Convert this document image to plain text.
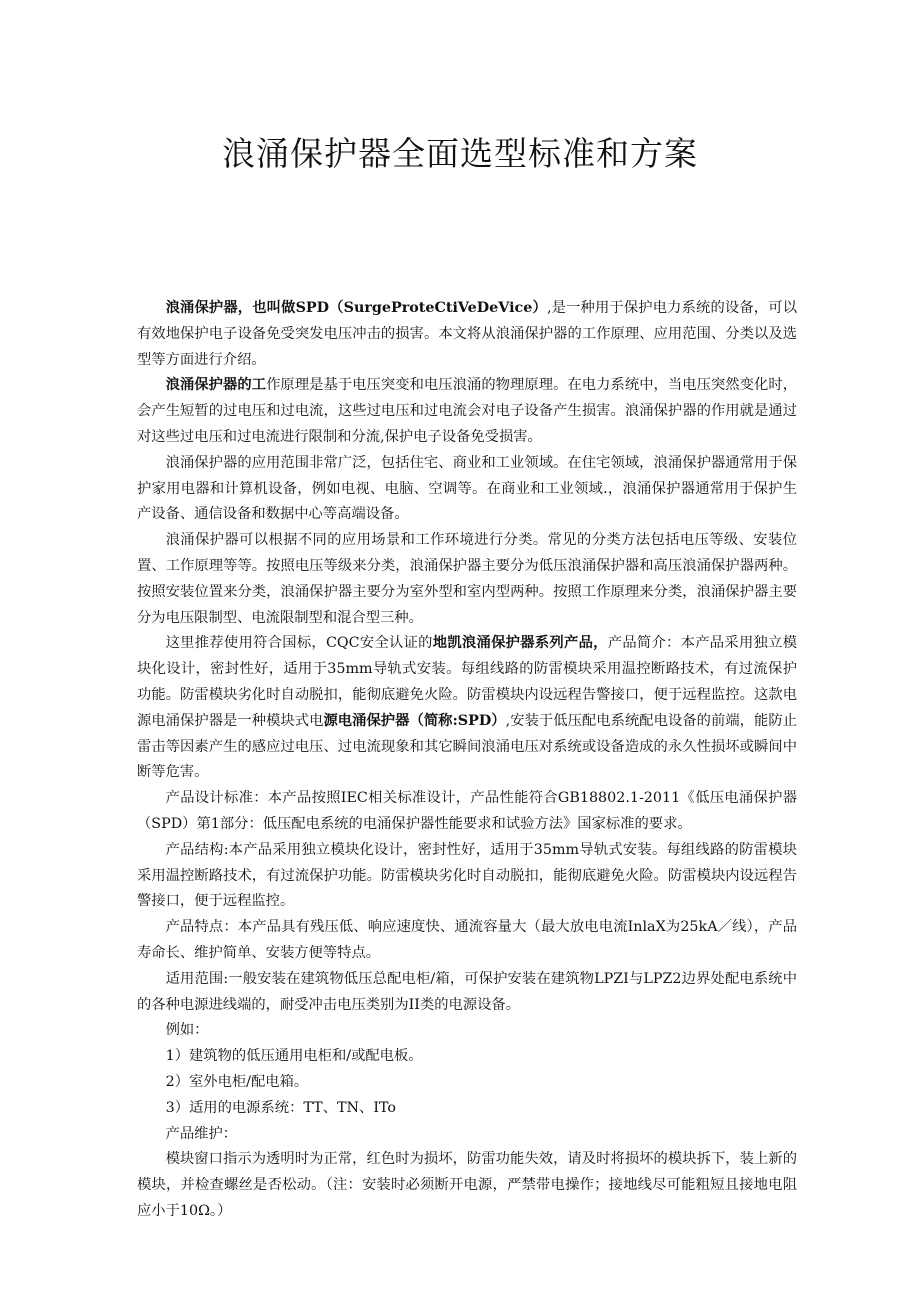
浪涌保护器全面选型标准和方案

浪涌保护器，也叫做SPD（SurgeProteCtiVeDeVice）,是一种用于保护电力系统的设备，可以有效地保护电子设备免受突发电压冲击的损害。本文将从浪涌保护器的工作原理、应用范围、分类以及选型等方面进行介绍。

浪涌保护器的工作原理是基于电压突变和电压浪涌的物理原理。在电力系统中，当电压突然变化时，会产生短暂的过电压和过电流，这些过电压和过电流会对电子设备产生损害。浪涌保护器的作用就是通过对这些过电压和过电流进行限制和分流,保护电子设备免受损害。

浪涌保护器的应用范围非常广泛，包括住宅、商业和工业领域。在住宅领域，浪涌保护器通常用于保护家用电器和计算机设备，例如电视、电脑、空调等。在商业和工业领域.，浪涌保护器通常用于保护生产设备、通信设备和数据中心等高端设备。

浪涌保护器可以根据不同的应用场景和工作环境进行分类。常见的分类方法包括电压等级、安装位置、工作原理等等。按照电压等级来分类，浪涌保护器主要分为低压浪涌保护器和高压浪涌保护器两种。按照安装位置来分类，浪涌保护器主要分为室外型和室内型两种。按照工作原理来分类，浪涌保护器主要分为电压限制型、电流限制型和混合型三种。

这里推荐使用符合国标，CQC安全认证的地凯浪涌保护器系列产品，产品简介：本产品采用独立模块化设计，密封性好，适用于35mm导轨式安装。每组线路的防雷模块采用温控断路技术，有过流保护功能。防雷模块劣化时自动脱扣，能彻底避免火险。防雷模块内设远程告警接口，便于远程监控。这款电源电涌保护器是一种模块式电源电涌保护器（简称:SPD）,安装于低压配电系统配电设备的前端，能防止雷击等因素产生的感应过电压、过电流现象和其它瞬间浪涌电压对系统或设备造成的永久性损坏或瞬间中断等危害。

产品设计标准：本产品按照IEC相关标准设计，产品性能符合GB18802.1-2011《低压电涌保护器（SPD）第1部分：低压配电系统的电涌保护器性能要求和试验方法》国家标准的要求。

产品结构:本产品采用独立模块化设计，密封性好，适用于35mm导轨式安装。每组线路的防雷模块采用温控断路技术，有过流保护功能。防雷模块劣化时自动脱扣，能彻底避免火险。防雷模块内设远程告警接口，便于远程监控。

产品特点：本产品具有残压低、响应速度快、通流容量大（最大放电电流InlaX为25kA／线），产品寿命长、维护简单、安装方便等特点。

适用范围:一般安装在建筑物低压总配电柜/箱，可保护安装在建筑物LPZI与LPZ2边界处配电系统中的各种电源进线端的，耐受冲击电压类别为II类的电源设备。

例如：

1）建筑物的低压通用电柜和/或配电板。

2）室外电柜/配电箱。

3）适用的电源系统：TT、TN、ITo

产品维护：

模块窗口指示为透明时为正常，红色时为损坏，防雷功能失效，请及时将损坏的模块拆下，装上新的模块，并检查螺丝是否松动。（注：安装时必须断开电源，严禁带电操作；接地线尽可能粗短且接地电阻应小于10Ω。）
